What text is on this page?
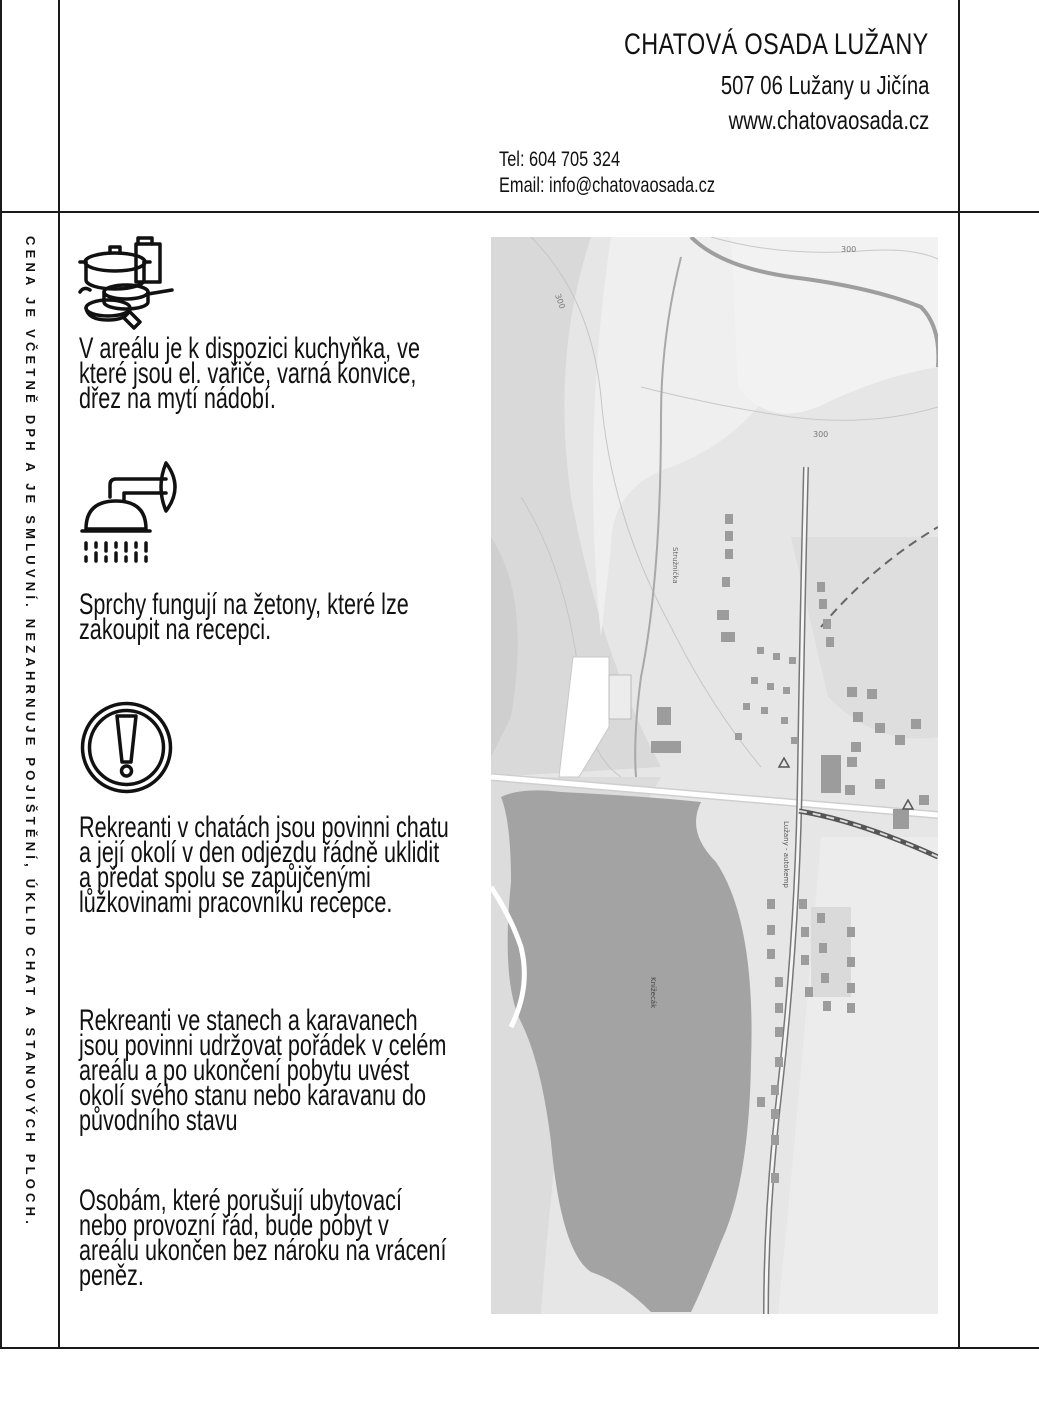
CHATOVÁ OSADA LUŽANY
507 06 Lužany u Jičína
www.chatovaosada.cz
Tel: 604 705 324
Email: info@chatovaosada.cz
CENA JE VČETNĚ DPH A JE SMLUVNÍ. NEZAHRNUJE POJIŠTĚNÍ, ÚKLID CHAT A STANOVÝCH PLOCH. V areálu je k dispozici kuchyňka, ve které jsou el. vařiče, varná konvice, dřez na mytí nádobí.
Sprchy fungují na žetony, které lze zakoupit na recepci.
Rekreanti v chatách jsou povinni chatu a její okolí v den odjezdu řádně uklidit a předat spolu se zapůjčenými lůžkovinami pracovníku recepce.
Rekreanti ve stanech a karavanech jsou povinni udržovat pořádek v celém areálu a po ukončení pobytu uvést okolí svého stanu nebo karavanu do původního stavu
Osobám, které porušují ubytovací nebo provozní řád, bude pobyt v areálu ukončen bez nároku na vrácení peněz.
300
300
300
Stružnička
Lužany - autokemp
Knížecák
